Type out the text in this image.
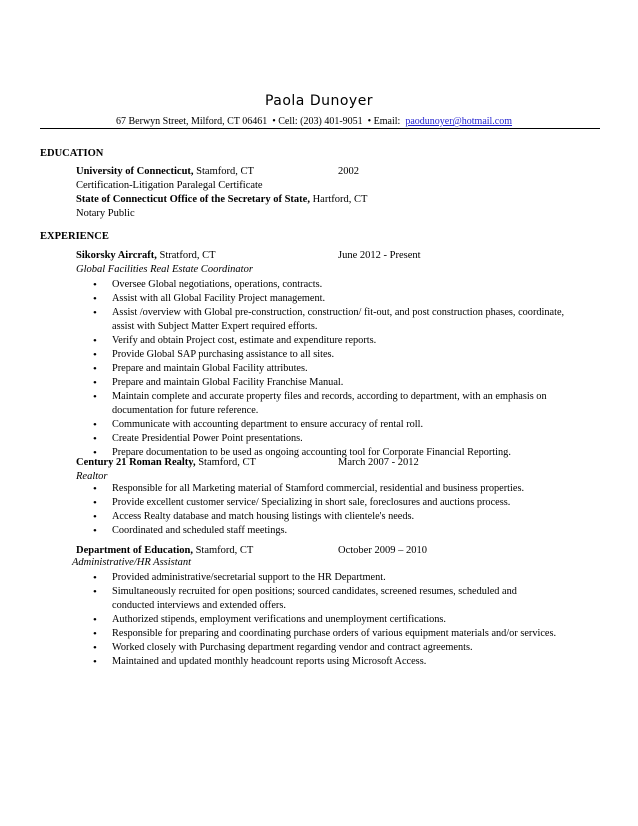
Paola Dunoyer
67 Berwyn Street, Milford, CT 06461  • Cell: (203) 401-9051  • Email: paodunoyer@hotmail.com
EDUCATION
University of Connecticut, Stamford, CT	2002
Certification-Litigation Paralegal Certificate
State of Connecticut Office of the Secretary of State, Hartford, CT
Notary Public
EXPERIENCE
Sikorsky Aircraft, Stratford, CT	June 2012 - Present
Global Facilities Real Estate Coordinator
• Oversee Global negotiations, operations, contracts.
• Assist with all Global Facility Project management.
• Assist /overview with Global pre-construction, construction/ fit-out, and post construction phases, coordinate,
assist with Subject Matter Expert required efforts.
• Verify and obtain Project cost, estimate and expenditure reports.
• Provide Global SAP purchasing assistance to all sites.
• Prepare and maintain Global Facility attributes.
• Prepare and maintain Global Facility Franchise Manual.
• Maintain complete and accurate property files and records, according to department, with an emphasis on
documentation for future reference.
• Communicate with accounting department to ensure accuracy of rental roll.
• Create Presidential Power Point presentations.
• Prepare documentation to be used as ongoing accounting tool for Corporate Financial Reporting.
Century 21 Roman Realty, Stamford, CT	March 2007 - 2012
Realtor
• Responsible for all Marketing material of Stamford commercial, residential and business properties.
• Provide excellent customer service/ Specializing in short sale, foreclosures and auctions process.
• Access Realty database and match housing listings with clientele's needs.
• Coordinated and scheduled staff meetings.
Department of Education, Stamford, CT	October 2009 – 2010
Administrative/HR Assistant
• Provided administrative/secretarial support to the HR Department.
• Simultaneously recruited for open positions; sourced candidates, screened resumes, scheduled and
conducted interviews and extended offers.
• Authorized stipends, employment verifications and unemployment certifications.
• Responsible for preparing and coordinating purchase orders of various equipment materials and/or services.
• Worked closely with Purchasing department regarding vendor and contract agreements.
• Maintained and updated monthly headcount reports using Microsoft Access.
